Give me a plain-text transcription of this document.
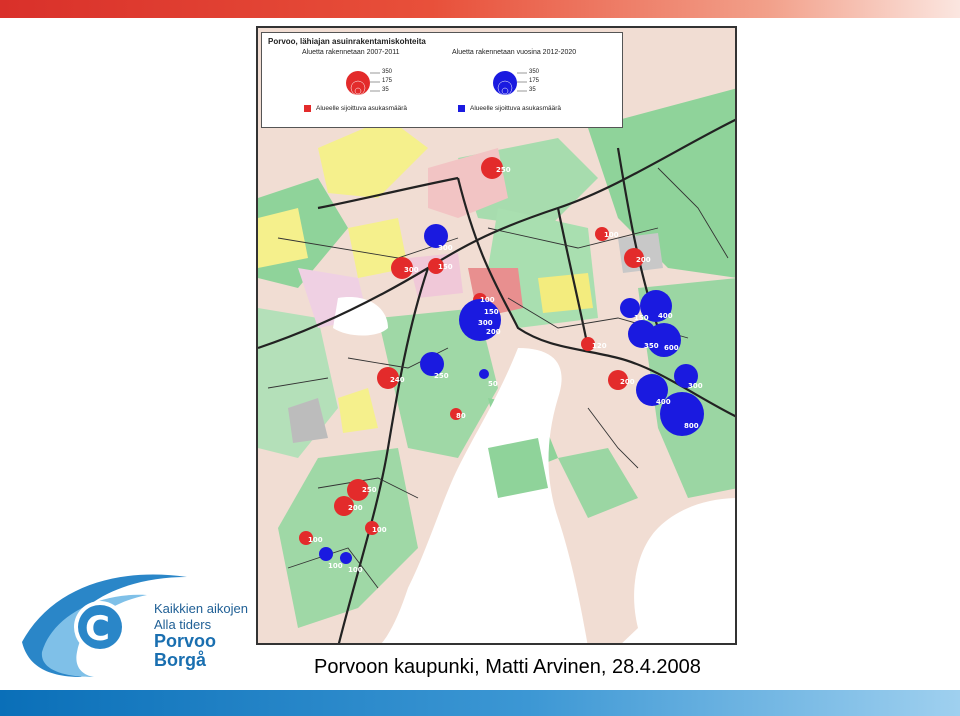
Porvoo, lähiajan asuinrakentamiskohteita
Aluetta rakennetaan 2007-2011	Aluetta rakennetaan vuosina 2012-2020
350
175
35
350
175
35
Alueelle sijoittuva asukasmäärä	Alueelle sijoittuva asukasmäärä
250
300
300	150
100
150
300
200
100
200
150 400
350 600
120
200	300
400
800
240	250
50
80
250
200
100
100
100 100
C
Kaikkien aikojen
Alla tiders
Porvoo
Borgå	Porvoon kaupunki, Matti Arvinen, 28.4.2008
